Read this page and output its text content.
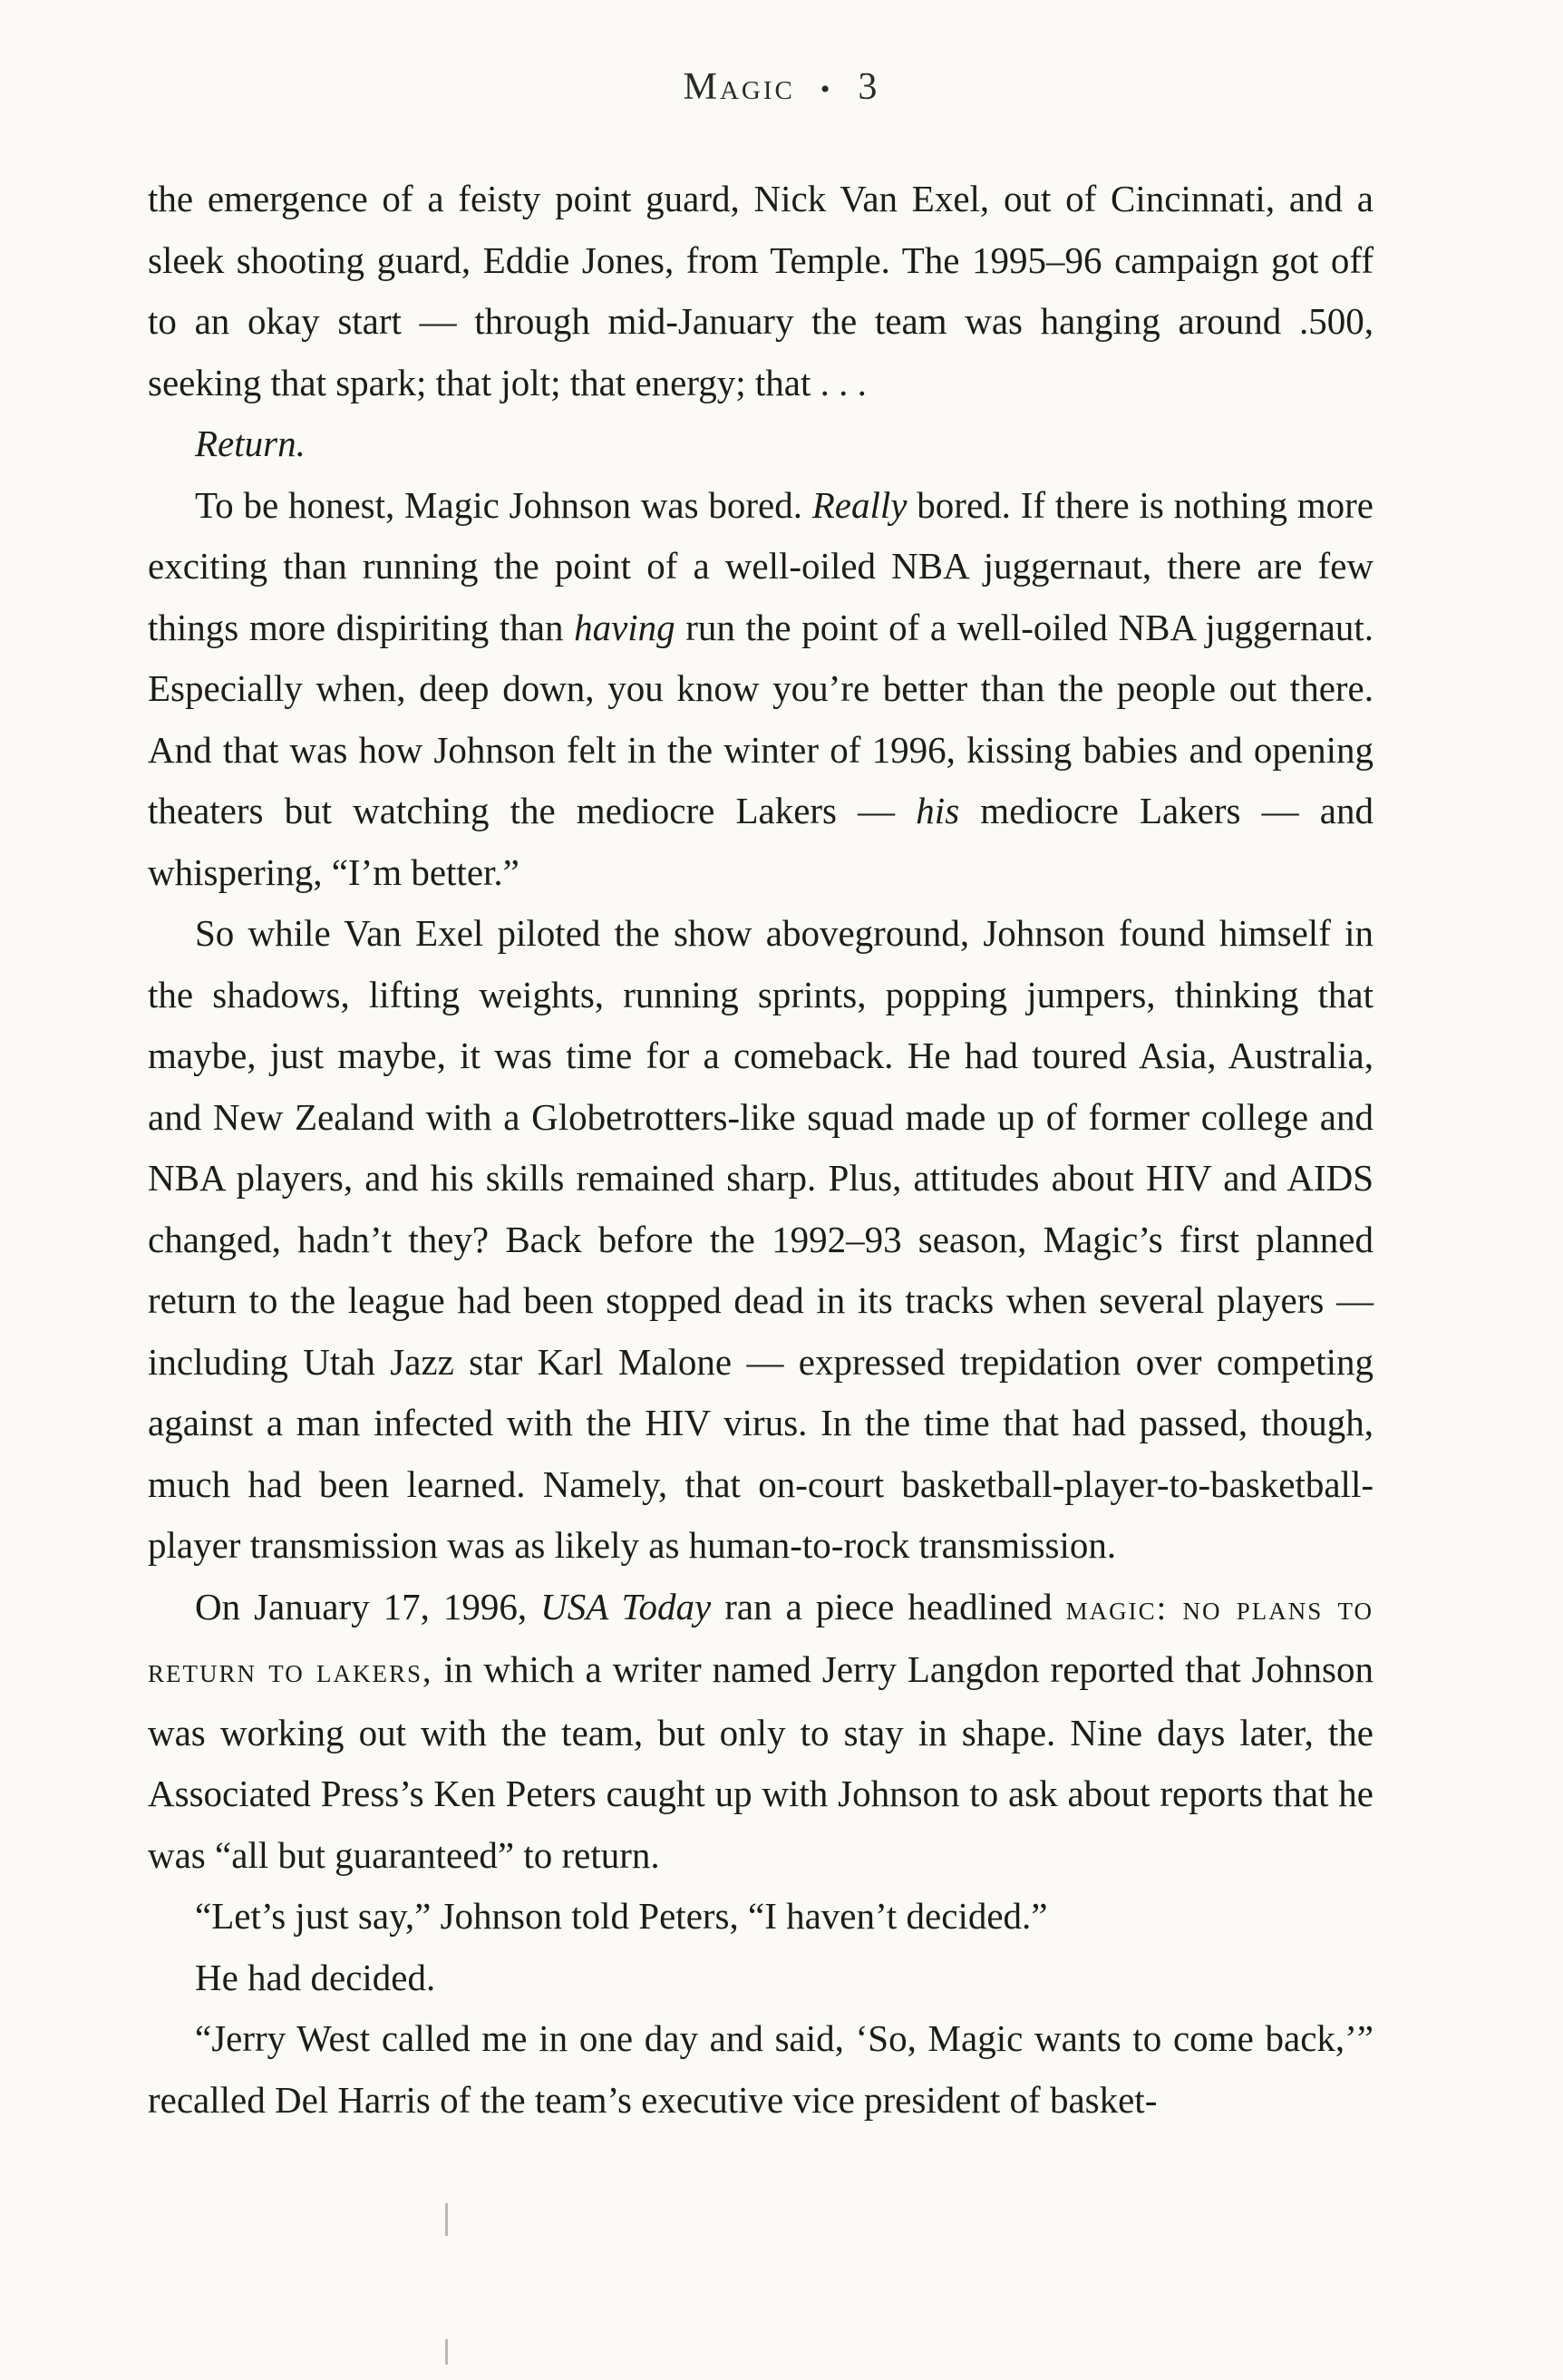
Magic • 3

the emergence of a feisty point guard, Nick Van Exel, out of Cincinnati, and a sleek shooting guard, Eddie Jones, from Temple. The 1995–96 campaign got off to an okay start — through mid-January the team was hanging around .500, seeking that spark; that jolt; that energy; that . . .

Return.

To be honest, Magic Johnson was bored. Really bored. If there is nothing more exciting than running the point of a well-oiled NBA juggernaut, there are few things more dispiriting than having run the point of a well-oiled NBA juggernaut. Especially when, deep down, you know you’re better than the people out there. And that was how Johnson felt in the winter of 1996, kissing babies and opening theaters but watching the mediocre Lakers — his mediocre Lakers — and whispering, “I’m better.”

So while Van Exel piloted the show aboveground, Johnson found himself in the shadows, lifting weights, running sprints, popping jumpers, thinking that maybe, just maybe, it was time for a comeback. He had toured Asia, Australia, and New Zealand with a Globetrotters-like squad made up of former college and NBA players, and his skills remained sharp. Plus, attitudes about HIV and AIDS changed, hadn’t they? Back before the 1992–93 season, Magic’s first planned return to the league had been stopped dead in its tracks when several players — including Utah Jazz star Karl Malone — expressed trepidation over competing against a man infected with the HIV virus. In the time that had passed, though, much had been learned. Namely, that on-court basketball-player-to-basketball-player transmission was as likely as human-to-rock transmission.

On January 17, 1996, USA Today ran a piece headlined magic: no plans to return to lakers, in which a writer named Jerry Langdon reported that Johnson was working out with the team, but only to stay in shape. Nine days later, the Associated Press’s Ken Peters caught up with Johnson to ask about reports that he was “all but guaranteed” to return.

“Let’s just say,” Johnson told Peters, “I haven’t decided.”

He had decided.

“Jerry West called me in one day and said, ‘So, Magic wants to come back,’” recalled Del Harris of the team’s executive vice president of basket-
